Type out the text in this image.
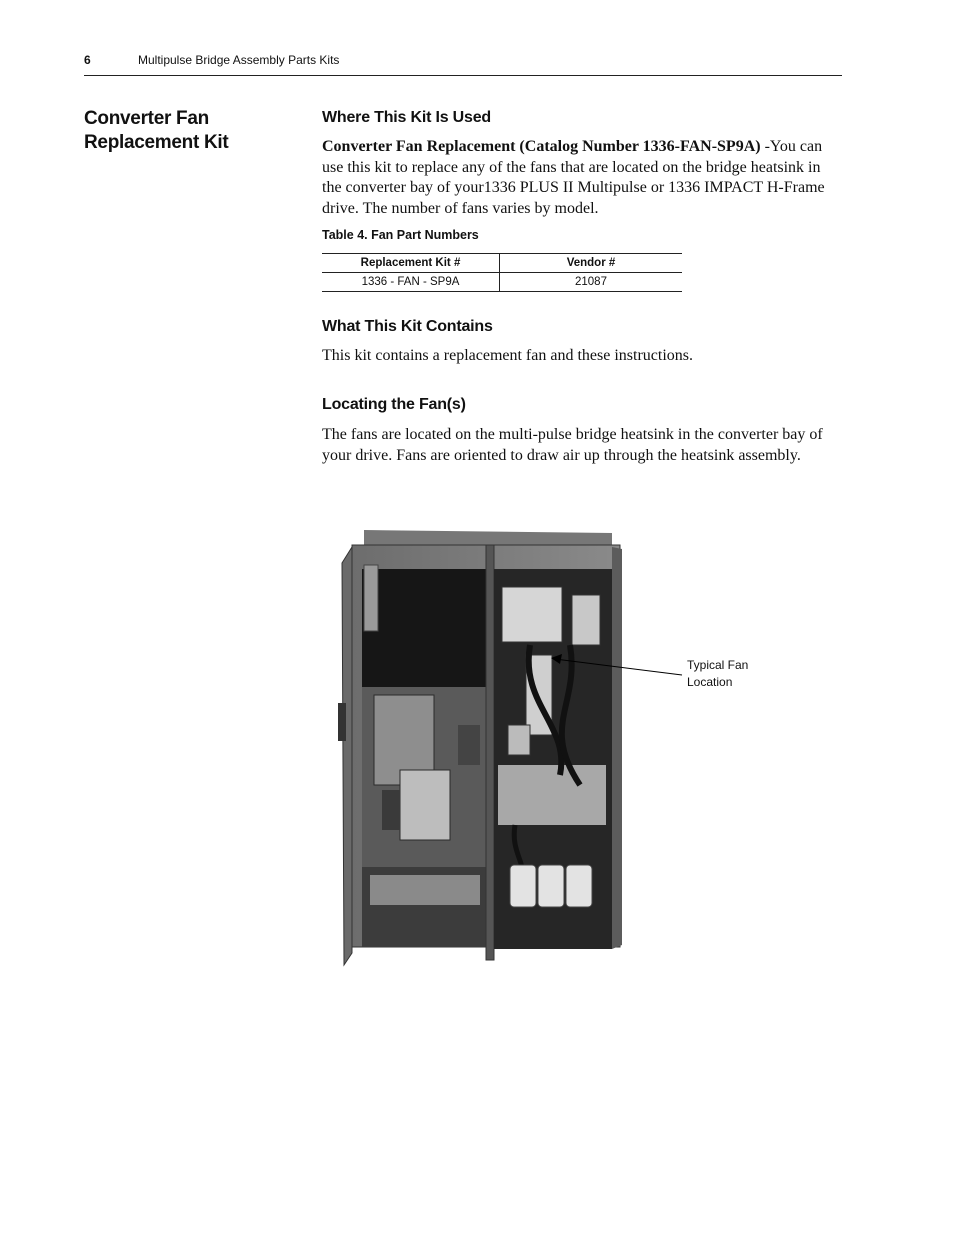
6	Multipulse Bridge Assembly Parts Kits
Converter Fan Replacement Kit
Where This Kit Is Used
Converter Fan Replacement (Catalog Number 1336-FAN-SP9A) -You can use this kit to replace any of the fans that are located on the bridge heatsink in the converter bay of your1336 PLUS II Multipulse or 1336 IMPACT H-Frame drive. The number of fans varies by model.
Table 4. Fan Part Numbers
Replacement Kit #	Vendor #
1336 - FAN - SP9A	21087
What This Kit Contains
This kit contains a replacement fan and these instructions.
Locating the Fan(s)
The fans are located on the multi-pulse bridge heatsink in the converter bay of your drive. Fans are oriented to draw air up through the heatsink assembly.
Typical Fan
Location
